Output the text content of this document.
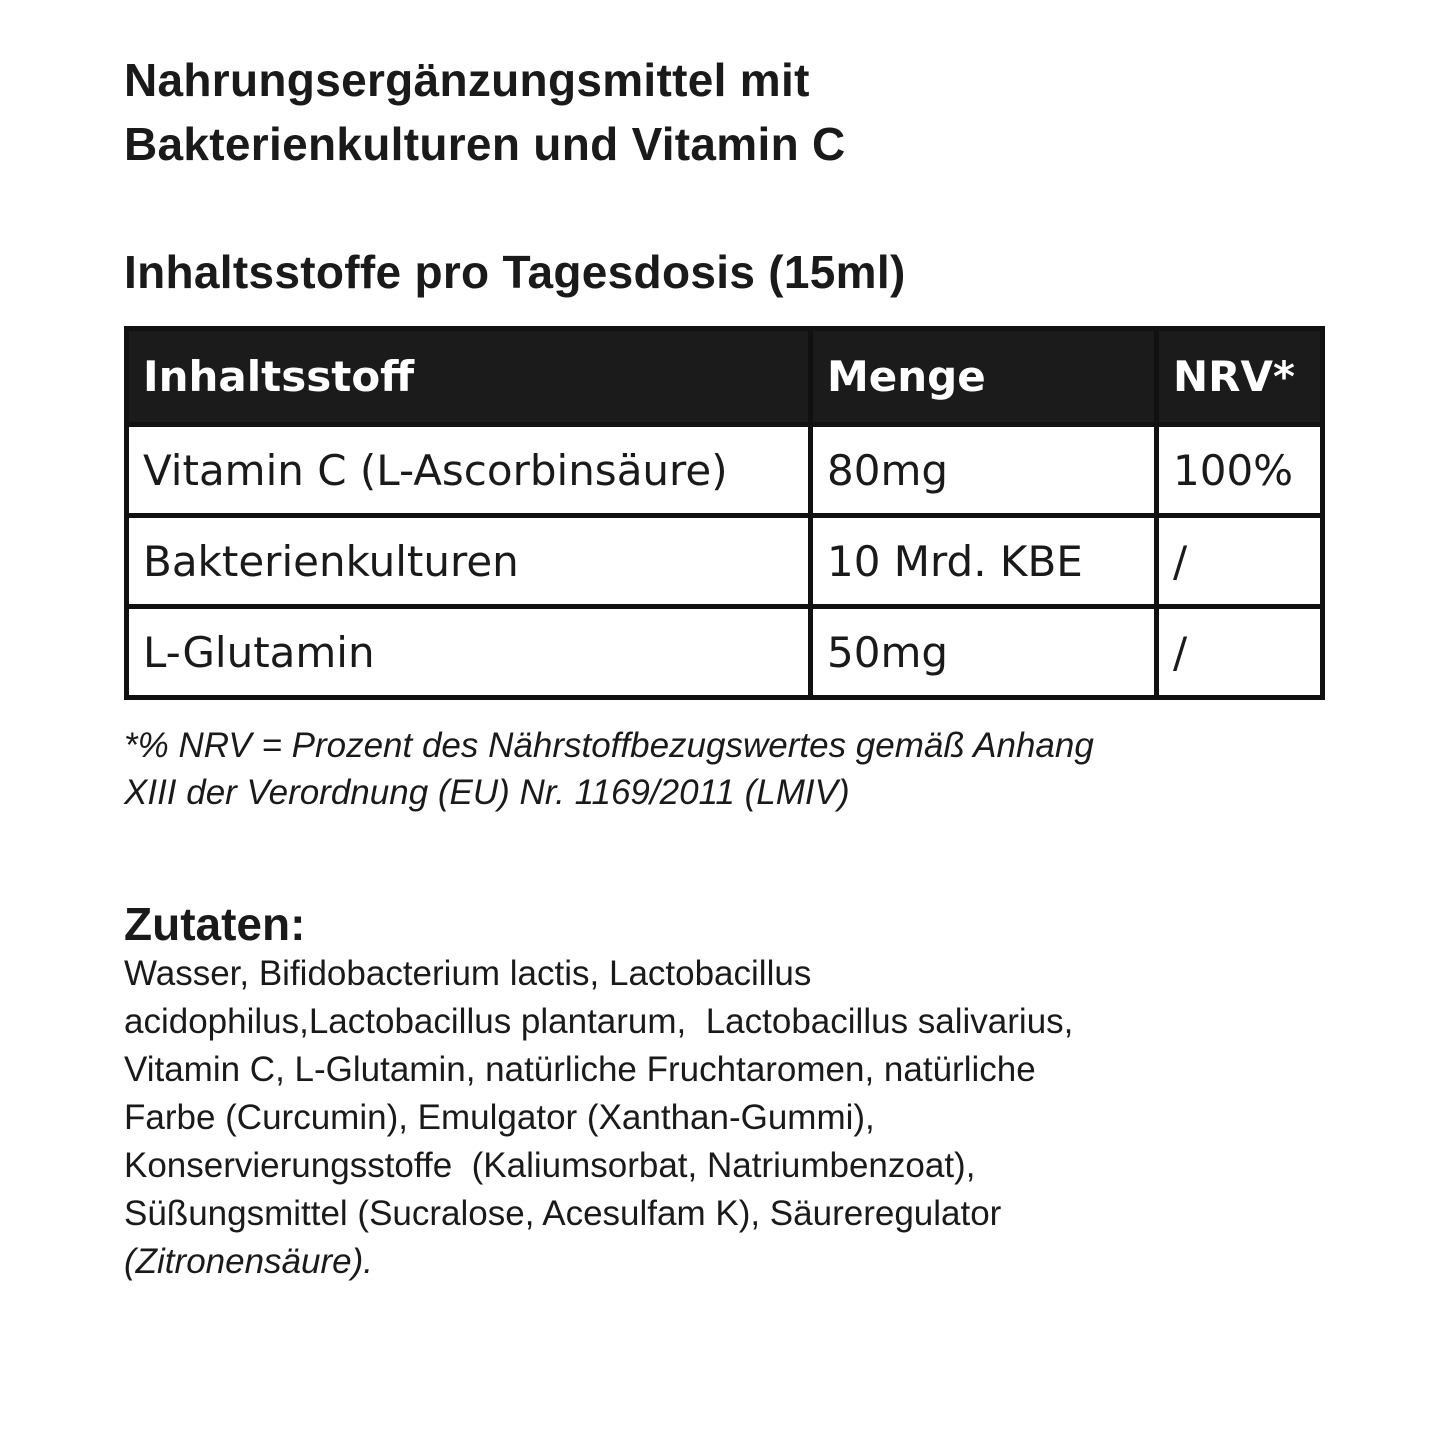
Nahrungsergänzungsmittel mit
Bakterienkulturen und Vitamin C
Inhaltsstoffe pro Tagesdosis (15ml)
Inhaltsstoff	Menge	NRV*
Vitamin C (L-Ascorbinsäure)	80mg	100%
Bakterienkulturen	10 Mrd. KBE	/
L-Glutamin	50mg	/

*% NRV = Prozent des Nährstoffbezugswertes gemäß Anhang
XIII der Verordnung (EU) Nr. 1169/2011 (LMIV)

Zutaten:

Wasser, Bifidobacterium lactis, Lactobacillus
acidophilus,Lactobacillus plantarum,  Lactobacillus salivarius,
Vitamin C, L-Glutamin, natürliche Fruchtaromen, natürliche
Farbe (Curcumin), Emulgator (Xanthan-Gummi),
Konservierungsstoffe  (Kaliumsorbat, Natriumbenzoat),
Süßungsmittel (Sucralose, Acesulfam K), Säureregulator
(Zitronensäure).
